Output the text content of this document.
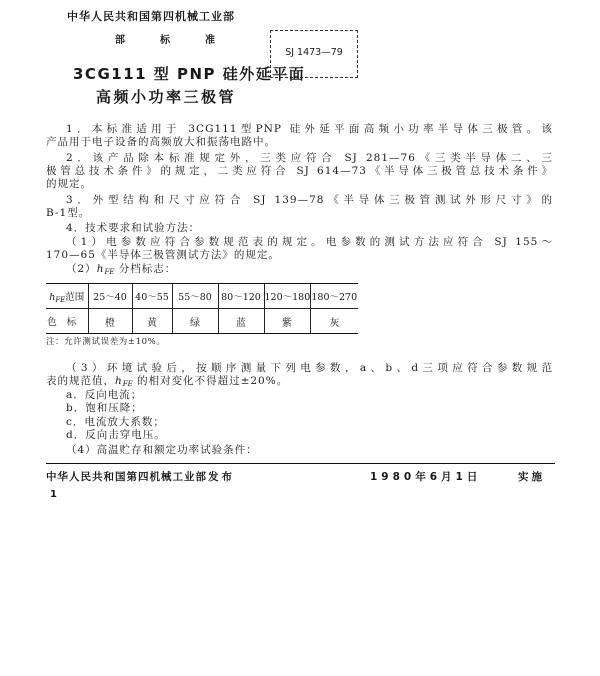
中华人民共和国第四机械工业部
部标准
SJ 1473—79
3CG111 型 PNP 硅外延平面
高频小功率三极管
1．本标准适用于 3CG111型PNP 硅外延平面高频小功率半导体三极管。该
产品用于电子设备的高频放大和振荡电路中。
2．该产品除本标准规定外，三类应符合 SJ 281—76《三类半导体二、三
极管总技术条件》的规定，二类应符合 SJ 614—73《半导体三极管总技术条件》
的规定。
3．外型结构和尺寸应符合 SJ 139—78《半导体三极管测试外形尺寸》的
B-1型。
4．技术要求和试验方法：
（1）电参数应符合参数规范表的规定。电参数的测试方法应符合 SJ 155～
170—65《半导体三极管测试方法》的规定。
$(2)h_{FE}$ 分档标志：
$h_{FE}$范围	25～40	40～55	55～80	80～120	120～180	180～270
色标	橙	黄	绿	蓝	紫	灰
注：允许测试误差为±10%。
（3）环境试验后，按顺序测量下列电参数，a、b、d三项应符合参数规范
表的规范值，$h_{FE}$ 的相对变化不得超过±20%。
a．反向电流；
b．饱和压降；
c．电流放大系数；
d．反向击穿电压。
（4）高温贮存和额定功率试验条件：
中华人民共和国第四机械工业部 发布	1980年6月1日	实施
1
